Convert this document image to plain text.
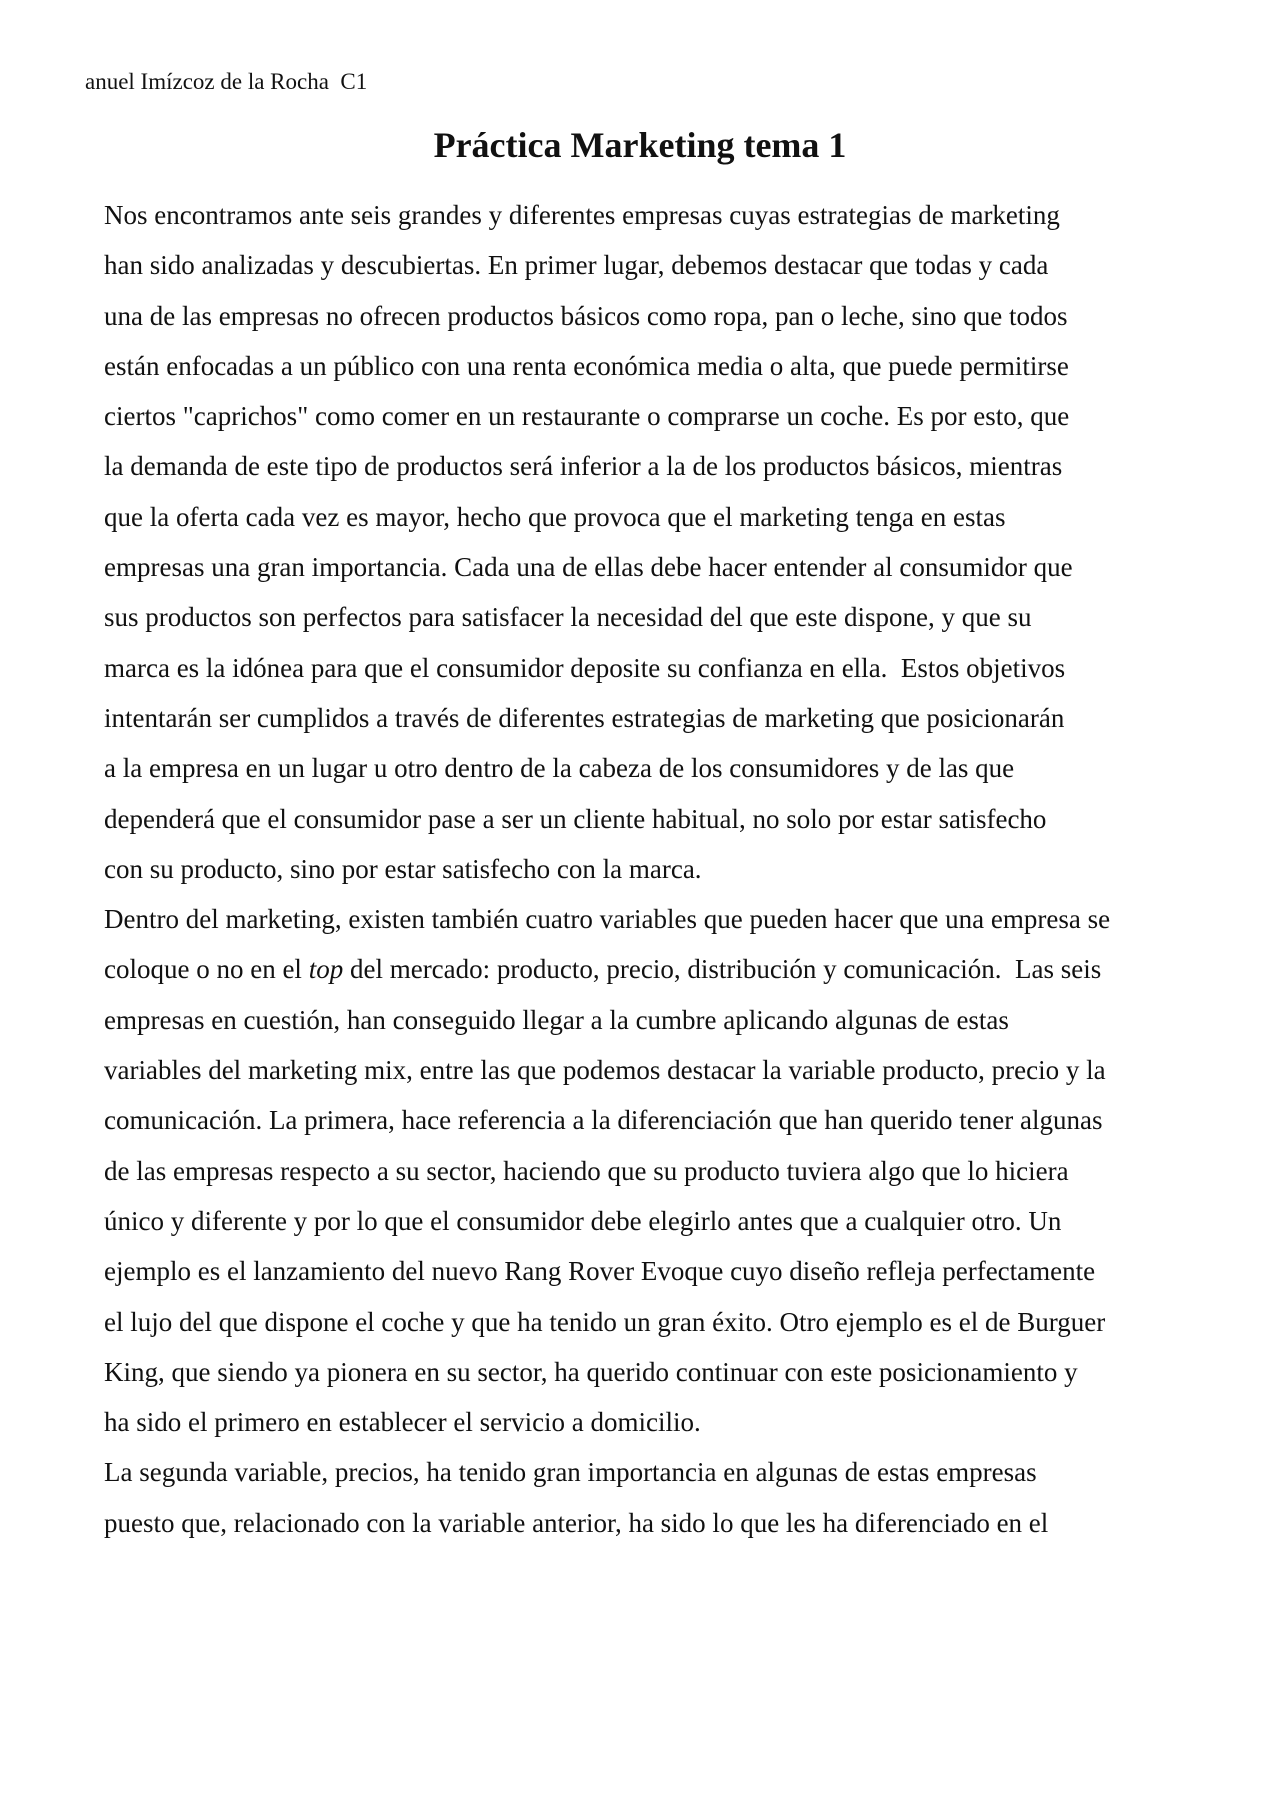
anuel Imízcoz de la Rocha  C1
Práctica Marketing tema 1
Nos encontramos ante seis grandes y diferentes empresas cuyas estrategias de marketing
han sido analizadas y descubiertas. En primer lugar, debemos destacar que todas y cada
una de las empresas no ofrecen productos básicos como ropa, pan o leche, sino que todos
están enfocadas a un público con una renta económica media o alta, que puede permitirse
ciertos "caprichos" como comer en un restaurante o comprarse un coche. Es por esto, que
la demanda de este tipo de productos será inferior a la de los productos básicos, mientras
que la oferta cada vez es mayor, hecho que provoca que el marketing tenga en estas
empresas una gran importancia. Cada una de ellas debe hacer entender al consumidor que
sus productos son perfectos para satisfacer la necesidad del que este dispone, y que su
marca es la idónea para que el consumidor deposite su confianza en ella.  Estos objetivos
intentarán ser cumplidos a través de diferentes estrategias de marketing que posicionarán
a la empresa en un lugar u otro dentro de la cabeza de los consumidores y de las que
dependerá que el consumidor pase a ser un cliente habitual, no solo por estar satisfecho
con su producto, sino por estar satisfecho con la marca.
Dentro del marketing, existen también cuatro variables que pueden hacer que una empresa se
coloque o no en el top del mercado: producto, precio, distribución y comunicación.  Las seis
empresas en cuestión, han conseguido llegar a la cumbre aplicando algunas de estas
variables del marketing mix, entre las que podemos destacar la variable producto, precio y la
comunicación. La primera, hace referencia a la diferenciación que han querido tener algunas
de las empresas respecto a su sector, haciendo que su producto tuviera algo que lo hiciera
único y diferente y por lo que el consumidor debe elegirlo antes que a cualquier otro. Un
ejemplo es el lanzamiento del nuevo Rang Rover Evoque cuyo diseño refleja perfectamente
el lujo del que dispone el coche y que ha tenido un gran éxito. Otro ejemplo es el de Burguer
King, que siendo ya pionera en su sector, ha querido continuar con este posicionamiento y
ha sido el primero en establecer el servicio a domicilio.
La segunda variable, precios, ha tenido gran importancia en algunas de estas empresas
puesto que, relacionado con la variable anterior, ha sido lo que les ha diferenciado en el
